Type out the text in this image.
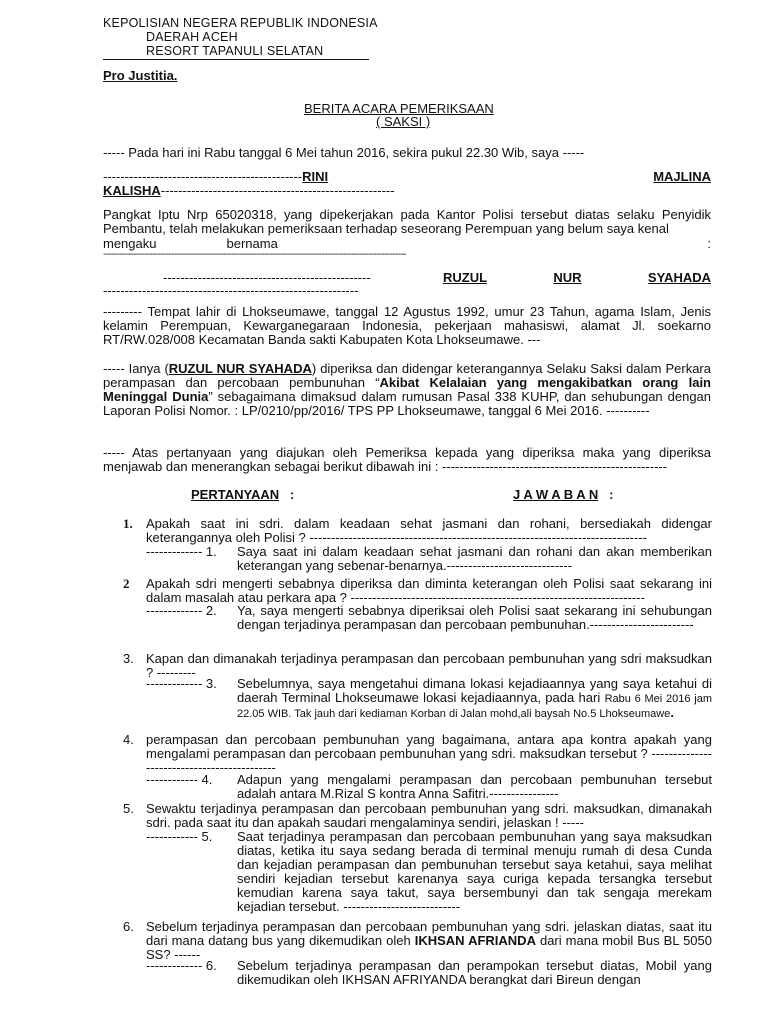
KEPOLISIAN NEGERA REPUBLIK INDONESIA
DAERAH ACEH
RESORT TAPANULI SELATAN
Pro Justitia.
BERITA ACARA PEMERIKSAAN
( SAKSI )
----- Pada hari ini Rabu tanggal 6 Mei tahun 2016, sekira pukul 22.30 Wib, saya -----
----------------------------------------------RINI	MAJLINA
KALISHA------------------------------------------------------
Pangkat Iptu Nrp 65020318, yang dipekerjakan pada Kantor Polisi tersebut diatas selaku Penyidik Pembantu, telah melakukan pemeriksaan terhadap seseorang Perempuan yang belum saya kenal
mengaku	bernama	:
---------------------------------------------------------------------------------------------------------------
------------------------------------------------	RUZUL	NUR	SYAHADA
-----------------------------------------------------------
--------- Tempat lahir di Lhokseumawe, tanggal 12 Agustus 1992, umur 23 Tahun, agama Islam, Jenis kelamin Perempuan, Kewarganegaraan Indonesia, pekerjaan mahasiswi, alamat Jl. soekarno RT/RW.028/008 Kecamatan Banda sakti Kabupaten Kota Lhokseumawe. ---
----- Ianya (RUZUL NUR SYAHADA) diperiksa dan didengar keterangannya Selaku Saksi dalam Perkara perampasan dan percobaan pembunuhan “Akibat Kelalaian yang mengakibatkan orang lain Meninggal Dunia” sebagaimana dimaksud dalam rumusan Pasal 338 KUHP, dan sehubungan dengan Laporan Polisi Nomor. : LP/0210/pp/2016/ TPS PP Lhokseumawe, tanggal 6 Mei 2016. ----------
----- Atas pertanyaan yang diajukan oleh Pemeriksa kepada yang diperiksa maka yang diperiksa menjawab dan menerangkan sebagai berikut dibawah ini : ----------------------------------------------------
PERTANYAAN :	J A W A B A N :
1.	Apakah saat ini sdri. dalam keadaan sehat jasmani dan rohani, bersediakah didengar keterangannya oleh Polisi ? ------------------------------------------------------------------------------
------------- 1. Saya saat ini dalam keadaan sehat jasmani dan rohani dan akan memberikan keterangan yang sebenar-benarnya.-----------------------------
2	Apakah sdri mengerti sebabnya diperiksa dan diminta keterangan oleh Polisi saat sekarang ini dalam masalah atau perkara apa ? --------------------------------------------------------------------
------------- 2. Ya, saya mengerti sebabnya diperiksai oleh Polisi saat sekarang ini sehubungan dengan terjadinya perampasan dan percobaan pembunuhan.------------------------
3. Kapan dan dimanakah terjadinya perampasan dan percobaan pembunuhan yang sdri maksudkan ? ---------
------------- 3. Sebelumnya, saya mengetahui dimana lokasi kejadiaannya yang saya ketahui di daerah Terminal Lhokseumawe lokasi kejadiaannya, pada hari Rabu 6 Mei 2016 jam 22.05 WIB. Tak jauh dari kediaman Korban di Jalan mohd,ali baysah No.5 Lhokseumawe.
4. perampasan dan percobaan pembunuhan yang bagaimana, antara apa kontra apakah yang mengalami perampasan dan percobaan pembunuhan yang sdri. maksudkan tersebut ? --------------------------------------------
------------ 4. Adapun yang mengalami perampasan dan percobaan pembunuhan tersebut adalah antara M.Rizal S kontra Anna Safitri.----------------
5. Sewaktu terjadinya perampasan dan percobaan pembunuhan yang sdri. maksudkan, dimanakah sdri. pada saat itu dan apakah saudari mengalaminya sendiri, jelaskan ! -----
------------ 5. Saat terjadinya perampasan dan percobaan pembunuhan yang saya maksudkan diatas, ketika itu saya sedang berada di terminal menuju rumah di desa Cunda dan kejadian perampasan dan pembunuhan tersebut saya ketahui, saya melihat sendiri kejadian tersebut karenanya saya curiga kepada tersangka tersebut kemudian karena saya takut, saya bersembunyi dan tak sengaja merekam kejadian tersebut. ---------------------------
6. Sebelum terjadinya perampasan dan percobaan pembunuhan yang sdri. jelaskan diatas, saat itu dari mana datang bus yang dikemudikan oleh IKHSAN AFRIANDA dari mana mobil Bus BL 5050 SS? ------
------------- 6. Sebelum terjadinya perampasan dan perampokan tersebut diatas, Mobil yang dikemudikan oleh IKHSAN AFRIYANDA berangkat dari Bireun dengan
